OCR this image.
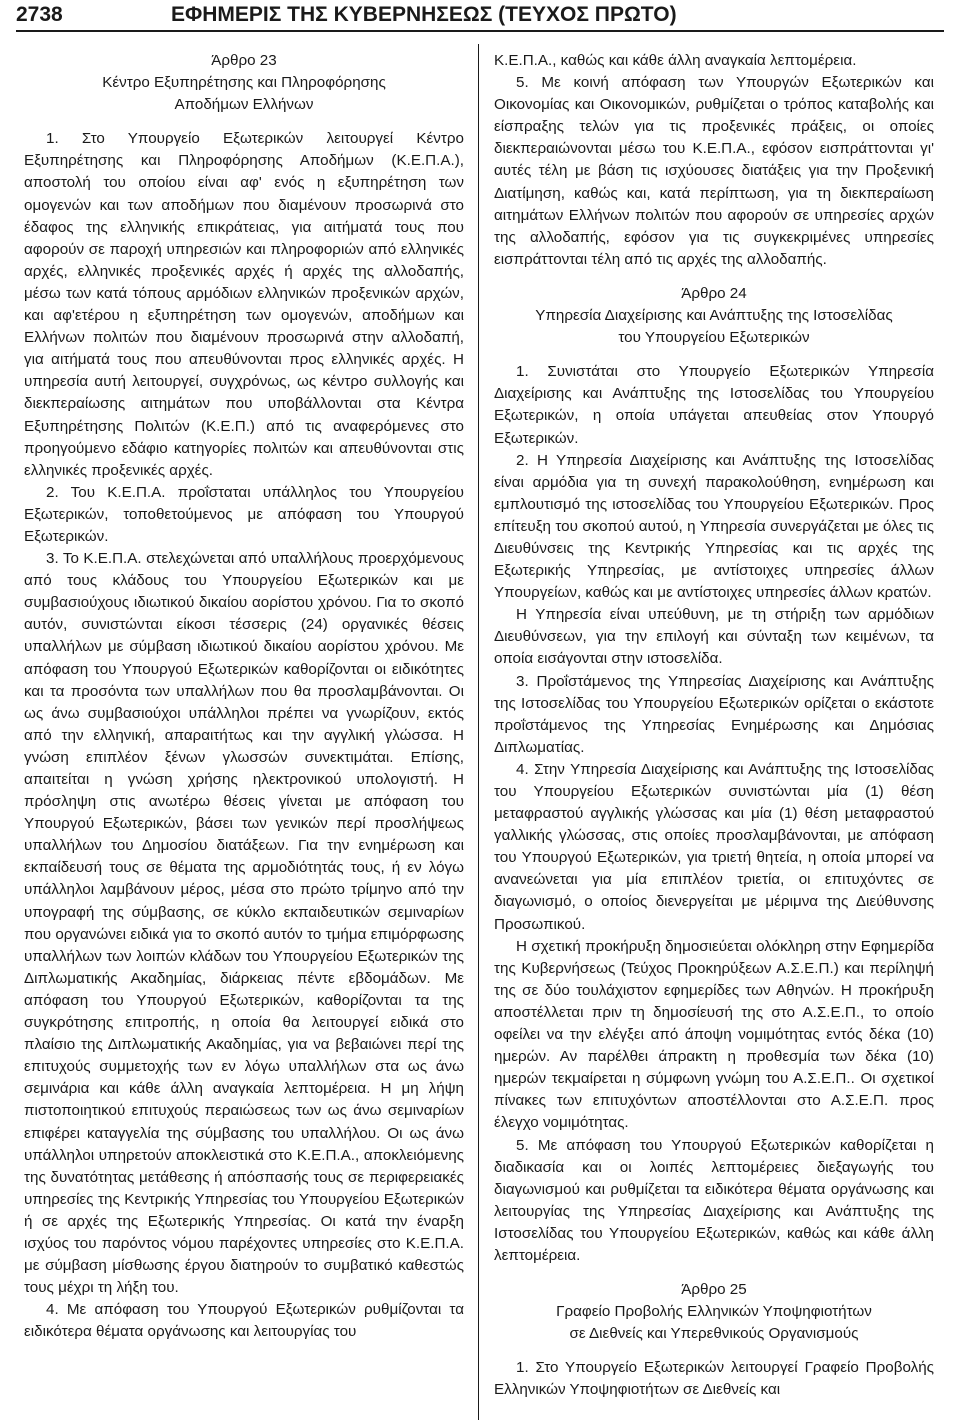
2738	ΕΦΗΜΕΡΙΣ ΤΗΣ ΚΥΒΕΡΝΗΣΕΩΣ (ΤΕΥΧΟΣ ΠΡΩΤΟ)
Άρθρο 23
Κέντρο Εξυπηρέτησης και Πληροφόρησης
Αποδήμων Ελλήνων

1. Στο Υπουργείο Εξωτερικών λειτουργεί Κέντρο Εξυπηρέτησης και Πληροφόρησης Αποδήμων (Κ.Ε.Π.Α.), αποστολή του οποίου είναι αφ' ενός η εξυπηρέτηση των ομογενών και των αποδήμων που διαμένουν προσωρινά στο έδαφος της ελληνικής επικράτειας, για αιτήματά τους που αφορούν σε παροχή υπηρεσιών και πληροφοριών από ελληνικές αρχές, ελληνικές προξενικές αρχές ή αρχές της αλλοδαπής, μέσω των κατά τόπους αρμόδιων ελληνικών προξενικών αρχών, και αφ'ετέρου η εξυπηρέτηση των ομογενών, αποδήμων και Ελλήνων πολιτών που διαμένουν προσωρινά στην αλλοδαπή, για αιτήματά τους που απευθύνονται προς ελληνικές αρχές. Η υπηρεσία αυτή λειτουργεί, συγχρόνως, ως κέντρο συλλογής και διεκπεραίωσης αιτημάτων που υποβάλλονται στα Κέντρα Εξυπηρέτησης Πολιτών (Κ.Ε.Π.) από τις αναφερόμενες στο προηγούμενο εδάφιο κατηγορίες πολιτών και απευθύνονται στις ελληνικές προξενικές αρχές.

2. Του Κ.Ε.Π.Α. προΐσταται υπάλληλος του Υπουργείου Εξωτερικών, τοποθετούμενος με απόφαση του Υπουργού Εξωτερικών.

3. Το Κ.Ε.Π.Α. στελεχώνεται από υπαλλήλους προερχόμενους από τους κλάδους του Υπουργείου Εξωτερικών και με συμβασιούχους ιδιωτικού δικαίου αορίστου χρόνου. Για το σκοπό αυτόν, συνιστώνται είκοσι τέσσερις (24) οργανικές θέσεις υπαλλήλων με σύμβαση ιδιωτικού δικαίου αορίστου χρόνου. Με απόφαση του Υπουργού Εξωτερικών καθορίζονται οι ειδικότητες και τα προσόντα των υπαλλήλων που θα προσλαμβάνονται. Οι ως άνω συμβασιούχοι υπάλληλοι πρέπει να γνωρίζουν, εκτός από την ελληνική, απαραιτήτως και την αγγλική γλώσσα. Η γνώση επιπλέον ξένων γλωσσών συνεκτιμάται. Επίσης, απαιτείται η γνώση χρήσης ηλεκτρονικού υπολογιστή. Η πρόσληψη στις ανωτέρω θέσεις γίνεται με απόφαση του Υπουργού Εξωτερικών, βάσει των γενικών περί προσλήψεως υπαλλήλων του Δημοσίου διατάξεων. Για την ενημέρωση και εκπαίδευσή τους σε θέματα της αρμοδιότητάς τους, ή εν λόγω υπάλληλοι λαμβάνουν μέρος, μέσα στο πρώτο τρίμηνο από την υπογραφή της σύμβασης, σε κύκλο εκπαιδευτικών σεμιναρίων που οργανώνει ειδικά για το σκοπό αυτόν το τμήμα επιμόρφωσης υπαλλήλων των λοιπών κλάδων του Υπουργείου Εξωτερικών της Διπλωματικής Ακαδημίας, διάρκειας πέντε εβδομάδων. Με απόφαση του Υπουργού Εξωτερικών, καθορίζονται τα της συγκρότησης επιτροπής, η οποία θα λειτουργεί ειδικά στο πλαίσιο της Διπλωματικής Ακαδημίας, για να βεβαιώνει περί της επιτυχούς συμμετοχής των εν λόγω υπαλλήλων στα ως άνω σεμινάρια και κάθε άλλη αναγκαία λεπτομέρεια. Η μη λήψη πιστοποιητικού επιτυχούς περαιώσεως των ως άνω σεμιναρίων επιφέρει καταγγελία της σύμβασης του υπαλλήλου. Οι ως άνω υπάλληλοι υπηρετούν αποκλειστικά στο Κ.Ε.Π.Α., αποκλειόμενης της δυνατότητας μετάθεσης ή απόσπασής τους σε περιφερειακές υπηρεσίες της Κεντρικής Υπηρεσίας του Υπουργείου Εξωτερικών ή σε αρχές της Εξωτερικής Υπηρεσίας. Οι κατά την έναρξη ισχύος του παρόντος νόμου παρέχοντες υπηρεσίες στο Κ.Ε.Π.Α. με σύμβαση μίσθωσης έργου διατηρούν το συμβατικό καθεστώς τους μέχρι τη λήξη του.

4. Με απόφαση του Υπουργού Εξωτερικών ρυθμίζονται τα ειδικότερα θέματα οργάνωσης και λειτουργίας του

Κ.Ε.Π.Α., καθώς και κάθε άλλη αναγκαία λεπτομέρεια.

5. Με κοινή απόφαση των Υπουργών Εξωτερικών και Οικονομίας και Οικονομικών, ρυθμίζεται ο τρόπος καταβολής και είσπραξης τελών για τις προξενικές πράξεις, οι οποίες διεκπεραιώνονται μέσω του Κ.Ε.Π.Α., εφόσον εισπράττονται γι' αυτές τέλη με βάση τις ισχύουσες διατάξεις για την Προξενική Διατίμηση, καθώς και, κατά περίπτωση, για τη διεκπεραίωση αιτημάτων Ελλήνων πολιτών που αφορούν σε υπηρεσίες αρχών της αλλοδαπής, εφόσον για τις συγκεκριμένες υπηρεσίες εισπράττονται τέλη από τις αρχές της αλλοδαπής.

Άρθρο 24
Υπηρεσία Διαχείρισης και Ανάπτυξης της Ιστοσελίδας
του Υπουργείου Εξωτερικών

1. Συνιστάται στο Υπουργείο Εξωτερικών Υπηρεσία Διαχείρισης και Ανάπτυξης της Ιστοσελίδας του Υπουργείου Εξωτερικών, η οποία υπάγεται απευθείας στον Υπουργό Εξωτερικών.

2. Η Υπηρεσία Διαχείρισης και Ανάπτυξης της Ιστοσελίδας είναι αρμόδια για τη συνεχή παρακολούθηση, ενημέρωση και εμπλουτισμό της ιστοσελίδας του Υπουργείου Εξωτερικών. Προς επίτευξη του σκοπού αυτού, η Υπηρεσία συνεργάζεται με όλες τις Διευθύνσεις της Κεντρικής Υπηρεσίας και τις αρχές της Εξωτερικής Υπηρεσίας, με αντίστοιχες υπηρεσίες άλλων Υπουργείων, καθώς και με αντίστοιχες υπηρεσίες άλλων κρατών.

Η Υπηρεσία είναι υπεύθυνη, με τη στήριξη των αρμόδιων Διευθύνσεων, για την επιλογή και σύνταξη των κειμένων, τα οποία εισάγονται στην ιστοσελίδα.

3. Προΐστάμενος της Υπηρεσίας Διαχείρισης και Ανάπτυξης της Ιστοσελίδας του Υπουργείου Εξωτερικών ορίζεται ο εκάστοτε προΐστάμενος της Υπηρεσίας Ενημέρωσης και Δημόσιας Διπλωματίας.

4. Στην Υπηρεσία Διαχείρισης και Ανάπτυξης της Ιστοσελίδας του Υπουργείου Εξωτερικών συνιστώνται μία (1) θέση μεταφραστού αγγλικής γλώσσας και μία (1) θέση μεταφραστού γαλλικής γλώσσας, στις οποίες προσλαμβάνονται, με απόφαση του Υπουργού Εξωτερικών, για τριετή θητεία, η οποία μπορεί να ανανεώνεται για μία επιπλέον τριετία, οι επιτυχόντες σε διαγωνισμό, ο οποίος διενεργείται με μέριμνα της Διεύθυνσης Προσωπικού.

Η σχετική προκήρυξη δημοσιεύεται ολόκληρη στην Εφημερίδα της Κυβερνήσεως (Τεύχος Προκηρύξεων Α.Σ.Ε.Π.) και περίληψή της σε δύο τουλάχιστον εφημερίδες των Αθηνών. Η προκήρυξη αποστέλλεται πριν τη δημοσίευσή της στο Α.Σ.Ε.Π., το οποίο οφείλει να την ελέγξει από άποψη νομιμότητας εντός δέκα (10) ημερών. Αν παρέλθει άπρακτη η προθεσμία των δέκα (10) ημερών τεκμαίρεται η σύμφωνη γνώμη του Α.Σ.Ε.Π.. Οι σχετικοί πίνακες των επιτυχόντων αποστέλλονται στο Α.Σ.Ε.Π. προς έλεγχο νομιμότητας.

5. Με απόφαση του Υπουργού Εξωτερικών καθορίζεται η διαδικασία και οι λοιπές λεπτομέρειες διεξαγωγής του διαγωνισμού και ρυθμίζεται τα ειδικότερα θέματα οργάνωσης και λειτουργίας της Υπηρεσίας Διαχείρισης και Ανάπτυξης της Ιστοσελίδας του Υπουργείου Εξωτερικών, καθώς και κάθε άλλη λεπτομέρεια.

Άρθρο 25
Γραφείο Προβολής Ελληνικών Υποψηφιοτήτων
σε Διεθνείς και Υπερεθνικούς Οργανισμούς

1. Στο Υπουργείο Εξωτερικών λειτουργεί Γραφείο Προβολής Ελληνικών Υποψηφιοτήτων σε Διεθνείς και
